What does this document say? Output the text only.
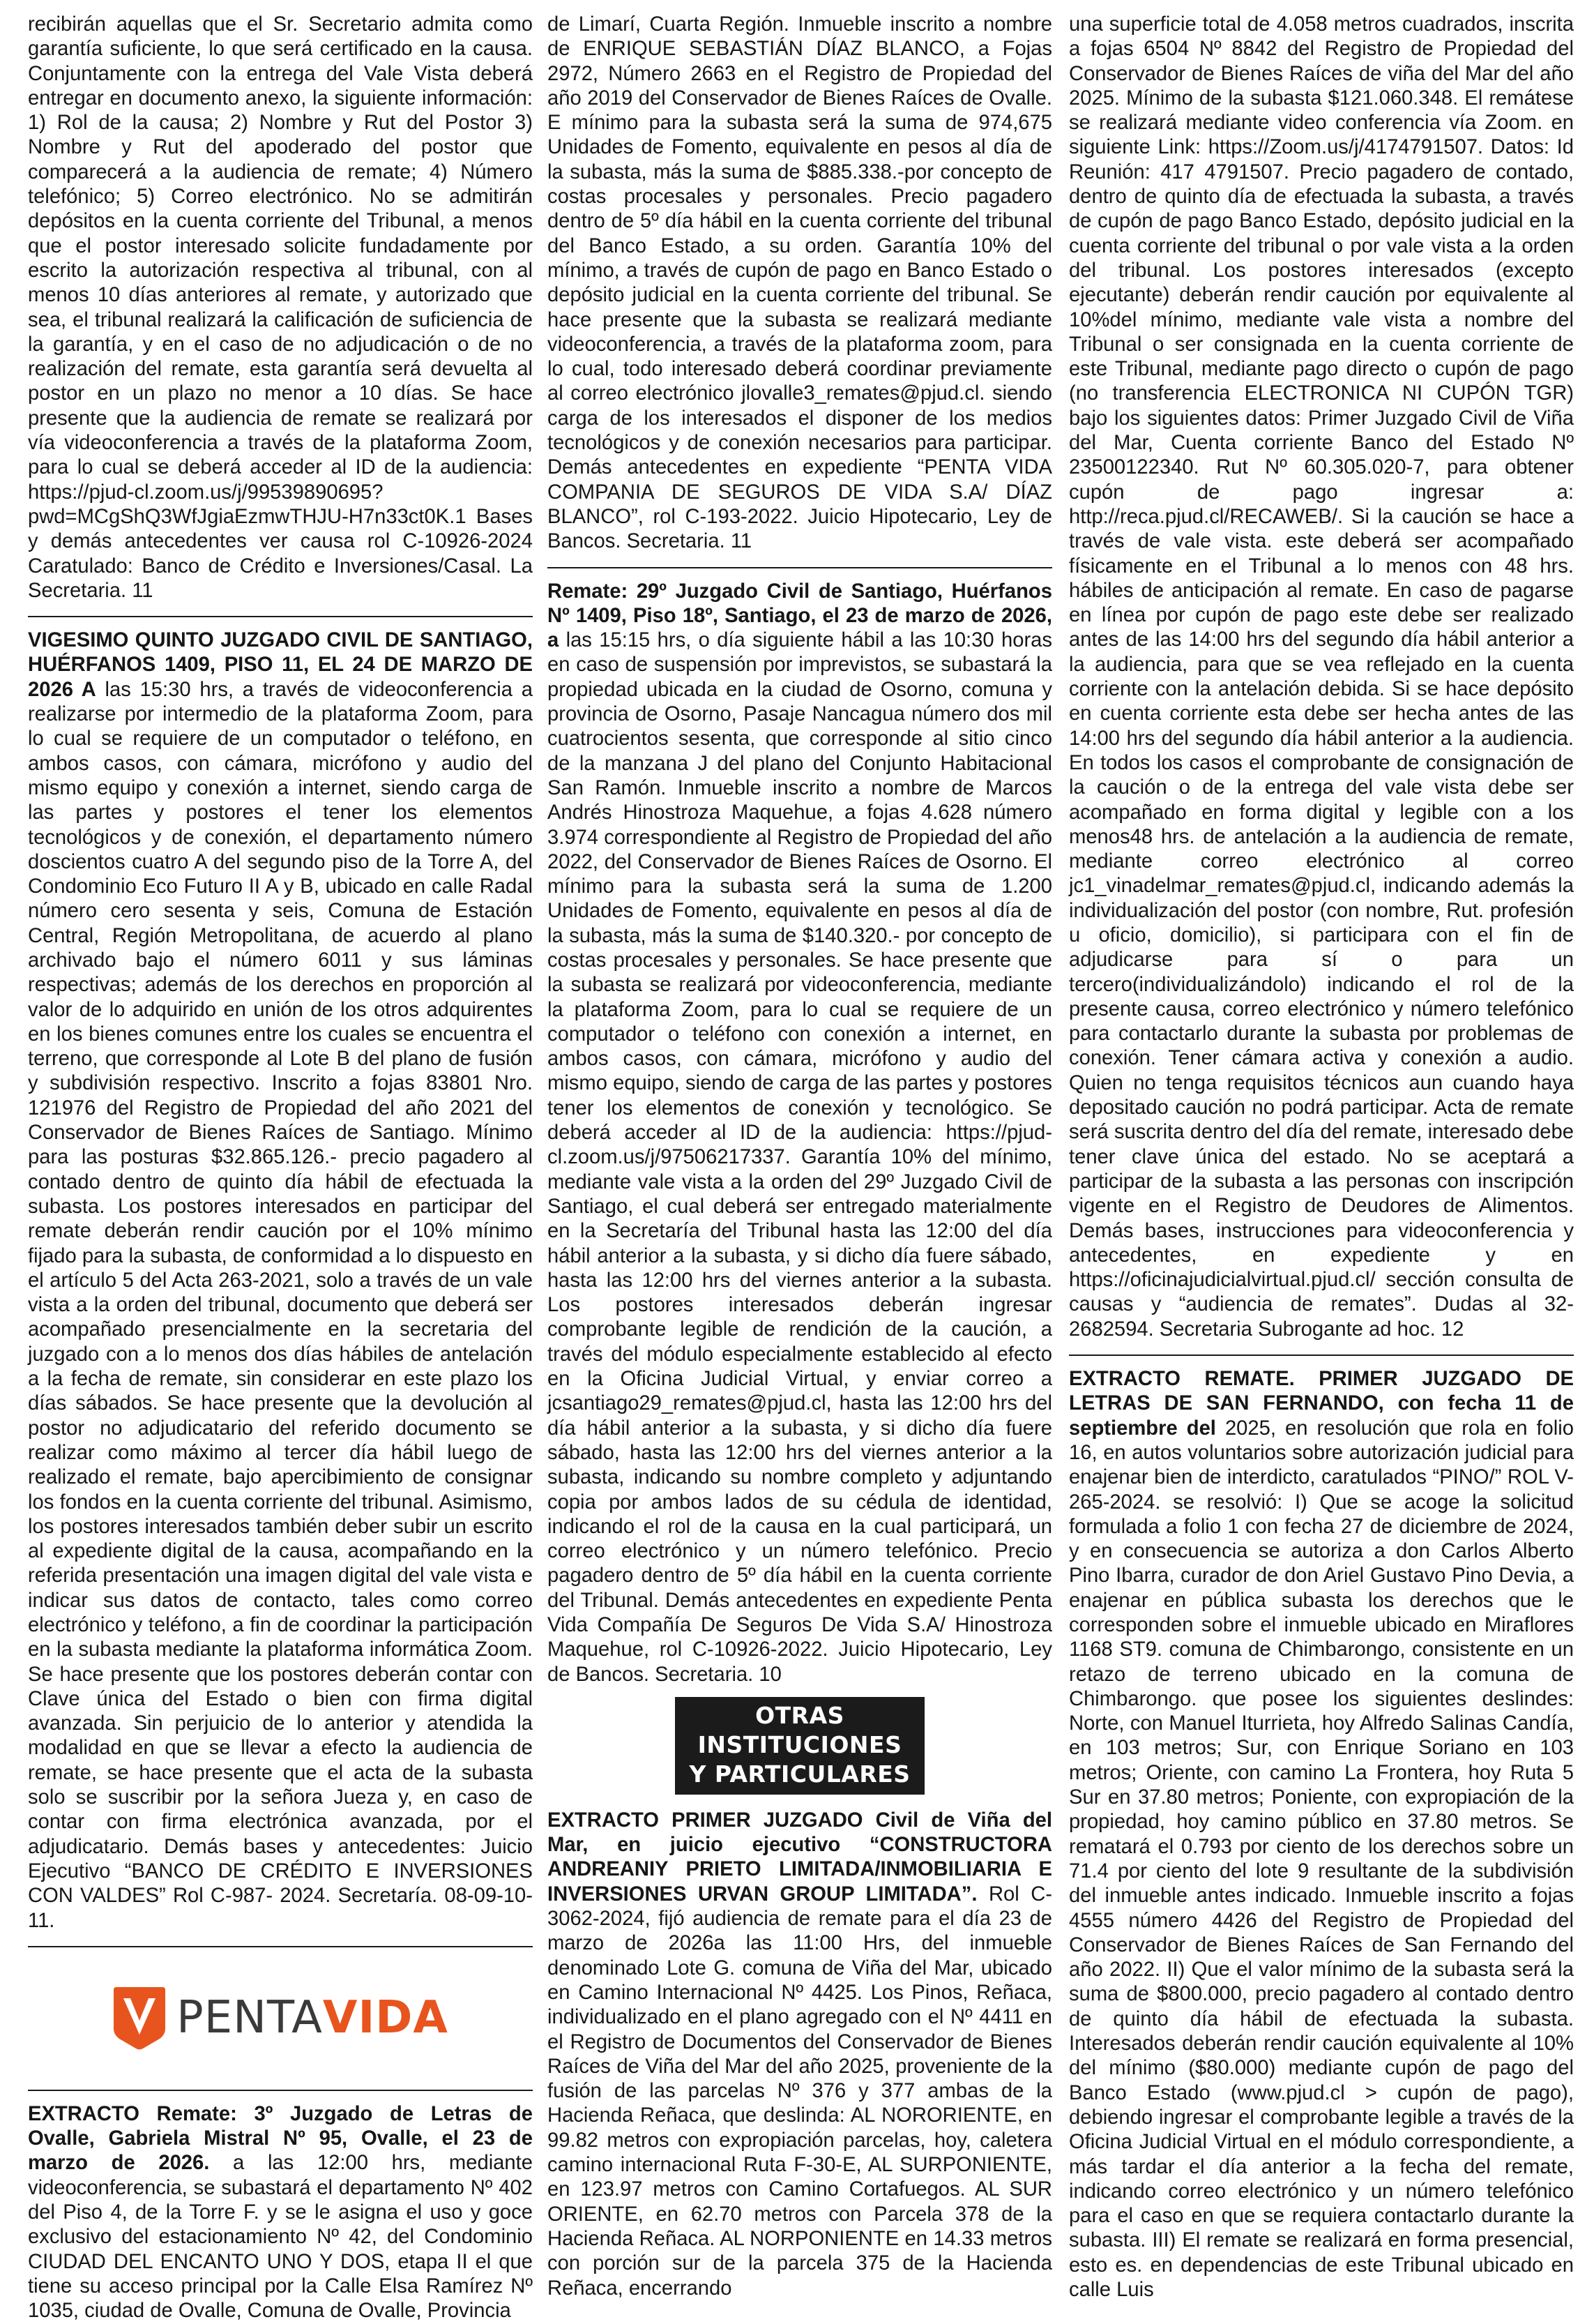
recibirán aquellas que el Sr. Secretario admita como garantía suficiente, lo que será certificado en la causa. Conjuntamente con la entrega del Vale Vista deberá entregar en documento anexo, la siguiente información: 1) Rol de la causa; 2) Nombre y Rut del Postor 3) Nombre y Rut del apoderado del postor que comparecerá a la audiencia de remate; 4) Número telefónico; 5) Correo electrónico. No se admitirán depósitos en la cuenta corriente del Tribunal, a menos que el postor interesado solicite fundadamente por escrito la autorización respectiva al tribunal, con al menos 10 días anteriores al remate, y autorizado que sea, el tribunal realizará la calificación de suficiencia de la garantía, y en el caso de no adjudicación o de no realización del remate, esta garantía será devuelta al postor en un plazo no menor a 10 días. Se hace presente que la audiencia de remate se realizará por vía videoconferencia a través de la plataforma Zoom, para lo cual se deberá acceder al ID de la audiencia: https://pjud-cl.zoom.us/j/99539890695?pwd=MCgShQ3WfJgiaEzmwTHJU-H7n33ct0K.1 Bases y demás antecedentes ver causa rol C-10926-2024 Caratulado: Banco de Crédito e Inversiones/Casal. La Secretaria. 11

VIGESIMO QUINTO JUZGADO CIVIL DE SANTIAGO, HUÉRFANOS 1409, PISO 11, EL 24 DE MARZO DE 2026 A las 15:30 hrs, a través de videoconferencia a realizarse por intermedio de la plataforma Zoom, para lo cual se requiere de un computador o teléfono, en ambos casos, con cámara, micrófono y audio del mismo equipo y conexión a internet, siendo carga de las partes y postores el tener los elementos tecnológicos y de conexión, el departamento número doscientos cuatro A del segundo piso de la Torre A, del Condominio Eco Futuro II A y B, ubicado en calle Radal número cero sesenta y seis, Comuna de Estación Central, Región Metropolitana, de acuerdo al plano archivado bajo el número 6011 y sus láminas respectivas; además de los derechos en proporción al valor de lo adquirido en unión de los otros adquirentes en los bienes comunes entre los cuales se encuentra el terreno, que corresponde al Lote B del plano de fusión y subdivisión respectivo. Inscrito a fojas 83801 Nro. 121976 del Registro de Propiedad del año 2021 del Conservador de Bienes Raíces de Santiago. Mínimo para las posturas $32.865.126.- precio pagadero al contado dentro de quinto día hábil de efectuada la subasta. Los postores interesados en participar del remate deberán rendir caución por el 10% mínimo fijado para la subasta, de conformidad a lo dispuesto en el artículo 5 del Acta 263-2021, solo a través de un vale vista a la orden del tribunal, documento que deberá ser acompañado presencialmente en la secretaria del juzgado con a lo menos dos días hábiles de antelación a la fecha de remate, sin considerar en este plazo los días sábados. Se hace presente que la devolución al postor no adjudicatario del referido documento se realizar como máximo al tercer día hábil luego de realizado el remate, bajo apercibimiento de consignar los fondos en la cuenta corriente del tribunal. Asimismo, los postores interesados también deber subir un escrito al expediente digital de la causa, acompañando en la referida presentación una imagen digital del vale vista e indicar sus datos de contacto, tales como correo electrónico y teléfono, a fin de coordinar la participación en la subasta mediante la plataforma informática Zoom. Se hace presente que los postores deberán contar con Clave única del Estado o bien con firma digital avanzada. Sin perjuicio de lo anterior y atendida la modalidad en que se llevar a efecto la audiencia de remate, se hace presente que el acta de la subasta solo se suscribir por la señora Jueza y, en caso de contar con firma electrónica avanzada, por el adjudicatario. Demás bases y antecedentes: Juicio Ejecutivo “BANCO DE CRÉDITO E INVERSIONES CON VALDES” Rol C-987- 2024. Secretaría. 08-09-10-11.

PENTAVIDA

EXTRACTO Remate: 3º Juzgado de Letras de Ovalle, Gabriela Mistral Nº 95, Ovalle, el 23 de marzo de 2026. a las 12:00 hrs, mediante videoconferencia, se subastará el departamento Nº 402 del Piso 4, de la Torre F. y se le asigna el uso y goce exclusivo del estacionamiento Nº 42, del Condominio CIUDAD DEL ENCANTO UNO Y DOS, etapa II el que tiene su acceso principal por la Calle Elsa Ramírez Nº 1035, ciudad de Ovalle, Comuna de Ovalle, Provincia

de Limarí, Cuarta Región. Inmueble inscrito a nombre de ENRIQUE SEBASTIÁN DÍAZ BLANCO, a Fojas 2972, Número 2663 en el Registro de Propiedad del año 2019 del Conservador de Bienes Raíces de Ovalle. E mínimo para la subasta será la suma de 974,675 Unidades de Fomento, equivalente en pesos al día de la subasta, más la suma de $885.338.-por concepto de costas procesales y personales. Precio pagadero dentro de 5º día hábil en la cuenta corriente del tribunal del Banco Estado, a su orden. Garantía 10% del mínimo, a través de cupón de pago en Banco Estado o depósito judicial en la cuenta corriente del tribunal. Se hace presente que la subasta se realizará mediante videoconferencia, a través de la plataforma zoom, para lo cual, todo interesado deberá coordinar previamente al correo electrónico jlovalle3_remates@pjud.cl. siendo carga de los interesados el disponer de los medios tecnológicos y de conexión necesarios para participar. Demás antecedentes en expediente “PENTA VIDA COMPANIA DE SEGUROS DE VIDA S.A/ DÍAZ BLANCO”, rol C-193-2022. Juicio Hipotecario, Ley de Bancos. Secretaria. 11

Remate: 29º Juzgado Civil de Santiago, Huérfanos Nº 1409, Piso 18º, Santiago, el 23 de marzo de 2026, a las 15:15 hrs, o día siguiente hábil a las 10:30 horas en caso de suspensión por imprevistos, se subastará la propiedad ubicada en la ciudad de Osorno, comuna y provincia de Osorno, Pasaje Nancagua número dos mil cuatrocientos sesenta, que corresponde al sitio cinco de la manzana J del plano del Conjunto Habitacional San Ramón. Inmueble inscrito a nombre de Marcos Andrés Hinostroza Maquehue, a fojas 4.628 número 3.974 correspondiente al Registro de Propiedad del año 2022, del Conservador de Bienes Raíces de Osorno. El mínimo para la subasta será la suma de 1.200 Unidades de Fomento, equivalente en pesos al día de la subasta, más la suma de $140.320.- por concepto de costas procesales y personales. Se hace presente que la subasta se realizará por videoconferencia, mediante la plataforma Zoom, para lo cual se requiere de un computador o teléfono con conexión a internet, en ambos casos, con cámara, micrófono y audio del mismo equipo, siendo de carga de las partes y postores tener los elementos de conexión y tecnológico. Se deberá acceder al ID de la audiencia: https://pjud-cl.zoom.us/j/97506217337. Garantía 10% del mínimo, mediante vale vista a la orden del 29º Juzgado Civil de Santiago, el cual deberá ser entregado materialmente en la Secretaría del Tribunal hasta las 12:00 del día hábil anterior a la subasta, y si dicho día fuere sábado, hasta las 12:00 hrs del viernes anterior a la subasta. Los postores interesados deberán ingresar comprobante legible de rendición de la caución, a través del módulo especialmente establecido al efecto en la Oficina Judicial Virtual, y enviar correo a jcsantiago29_remates@pjud.cl, hasta las 12:00 hrs del día hábil anterior a la subasta, y si dicho día fuere sábado, hasta las 12:00 hrs del viernes anterior a la subasta, indicando su nombre completo y adjuntando copia por ambos lados de su cédula de identidad, indicando el rol de la causa en la cual participará, un correo electrónico y un número telefónico. Precio pagadero dentro de 5º día hábil en la cuenta corriente del Tribunal. Demás antecedentes en expediente Penta Vida Compañía De Seguros De Vida S.A/ Hinostroza Maquehue, rol C-10926-2022. Juicio Hipotecario, Ley de Bancos. Secretaria. 10

OTRAS INSTITUCIONES
Y PARTICULARES

EXTRACTO PRIMER JUZGADO Civil de Viña del Mar, en juicio ejecutivo “CONSTRUCTORA ANDREANIY PRIETO LIMITADA/INMOBILIARIA E INVERSIONES URVAN GROUP LIMITADA”. Rol C-3062-2024, fijó audiencia de remate para el día 23 de marzo de 2026a las 11:00 Hrs, del inmueble denominado Lote G. comuna de Viña del Mar, ubicado en Camino Internacional Nº 4425. Los Pinos, Reñaca, individualizado en el plano agregado con el Nº 4411 en el Registro de Documentos del Conservador de Bienes Raíces de Viña del Mar del año 2025, proveniente de la fusión de las parcelas Nº 376 y 377 ambas de la Hacienda Reñaca, que deslinda: AL NORORIENTE, en 99.82 metros con expropiación parcelas, hoy, caletera camino internacional Ruta F-30-E, AL SURPONIENTE, en 123.97 metros con Camino Cortafuegos. AL SUR ORIENTE, en 62.70 metros con Parcela 378 de la Hacienda Reñaca. AL NORPONIENTE en 14.33 metros con porción sur de la parcela 375 de la Hacienda Reñaca, encerrando

una superficie total de 4.058 metros cuadrados, inscrita a fojas 6504 Nº 8842 del Registro de Propiedad del Conservador de Bienes Raíces de viña del Mar del año 2025. Mínimo de la subasta $121.060.348. El remátese se realizará mediante video conferencia vía Zoom. en siguiente Link: https://Zoom.us/j/4174791507. Datos: Id Reunión: 417 4791507. Precio pagadero de contado, dentro de quinto día de efectuada la subasta, a través de cupón de pago Banco Estado, depósito judicial en la cuenta corriente del tribunal o por vale vista a la orden del tribunal. Los postores interesados (excepto ejecutante) deberán rendir caución por equivalente al 10%del mínimo, mediante vale vista a nombre del Tribunal o ser consignada en la cuenta corriente de este Tribunal, mediante pago directo o cupón de pago (no transferencia ELECTRONICA NI CUPÓN TGR) bajo los siguientes datos: Primer Juzgado Civil de Viña del Mar, Cuenta corriente Banco del Estado Nº 23500122340. Rut Nº 60.305.020-7, para obtener cupón de pago ingresar a: http://reca.pjud.cl/RECAWEB/. Si la caución se hace a través de vale vista. este deberá ser acompañado físicamente en el Tribunal a lo menos con 48 hrs. hábiles de anticipación al remate. En caso de pagarse en línea por cupón de pago este debe ser realizado antes de las 14:00 hrs del segundo día hábil anterior a la audiencia, para que se vea reflejado en la cuenta corriente con la antelación debida. Si se hace depósito en cuenta corriente esta debe ser hecha antes de las 14:00 hrs del segundo día hábil anterior a la audiencia. En todos los casos el comprobante de consignación de la caución o de la entrega del vale vista debe ser acompañado en forma digital y legible con a los menos48 hrs. de antelación a la audiencia de remate, mediante correo electrónico al correo jc1_vinadelmar_remates@pjud.cl, indicando además la individualización del postor (con nombre, Rut. profesión u oficio, domicilio), si participara con el fin de adjudicarse para sí o para un tercero(individualizándolo) indicando el rol de la presente causa, correo electrónico y número telefónico para contactarlo durante la subasta por problemas de conexión. Tener cámara activa y conexión a audio. Quien no tenga requisitos técnicos aun cuando haya depositado caución no podrá participar. Acta de remate será suscrita dentro del día del remate, interesado debe tener clave única del estado. No se aceptará a participar de la subasta a las personas con inscripción vigente en el Registro de Deudores de Alimentos. Demás bases, instrucciones para videoconferencia y antecedentes, en expediente y en https://oficinajudicialvirtual.pjud.cl/ sección consulta de causas y “audiencia de remates”. Dudas al 32-2682594. Secretaria Subrogante ad hoc. 12

EXTRACTO REMATE. PRIMER JUZGADO DE LETRAS DE SAN FERNANDO, con fecha 11 de septiembre del 2025, en resolución que rola en folio 16, en autos voluntarios sobre autorización judicial para enajenar bien de interdicto, caratulados “PINO/” ROL V-265-2024. se resolvió: I) Que se acoge la solicitud formulada a folio 1 con fecha 27 de diciembre de 2024, y en consecuencia se autoriza a don Carlos Alberto Pino Ibarra, curador de don Ariel Gustavo Pino Devia, a enajenar en pública subasta los derechos que le corresponden sobre el inmueble ubicado en Miraflores 1168 ST9. comuna de Chimbarongo, consistente en un retazo de terreno ubicado en la comuna de Chimbarongo. que posee los siguientes deslindes: Norte, con Manuel Iturrieta, hoy Alfredo Salinas Candía, en 103 metros; Sur, con Enrique Soriano en 103 metros; Oriente, con camino La Frontera, hoy Ruta 5 Sur en 37.80 metros; Poniente, con expropiación de la propiedad, hoy camino público en 37.80 metros. Se rematará el 0.793 por ciento de los derechos sobre un 71.4 por ciento del lote 9 resultante de la subdivisión del inmueble antes indicado. Inmueble inscrito a fojas 4555 número 4426 del Registro de Propiedad del Conservador de Bienes Raíces de San Fernando del año 2022. II) Que el valor mínimo de la subasta será la suma de $800.000, precio pagadero al contado dentro de quinto día hábil de efectuada la subasta. Interesados deberán rendir caución equivalente al 10% del mínimo ($80.000) mediante cupón de pago del Banco Estado (www.pjud.cl > cupón de pago), debiendo ingresar el comprobante legible a través de la Oficina Judicial Virtual en el módulo correspondiente, a más tardar el día anterior a la fecha del remate, indicando correo electrónico y un número telefónico para el caso en que se requiera contactarlo durante la subasta. III) El remate se realizará en forma presencial, esto es. en dependencias de este Tribunal ubicado en calle Luis
